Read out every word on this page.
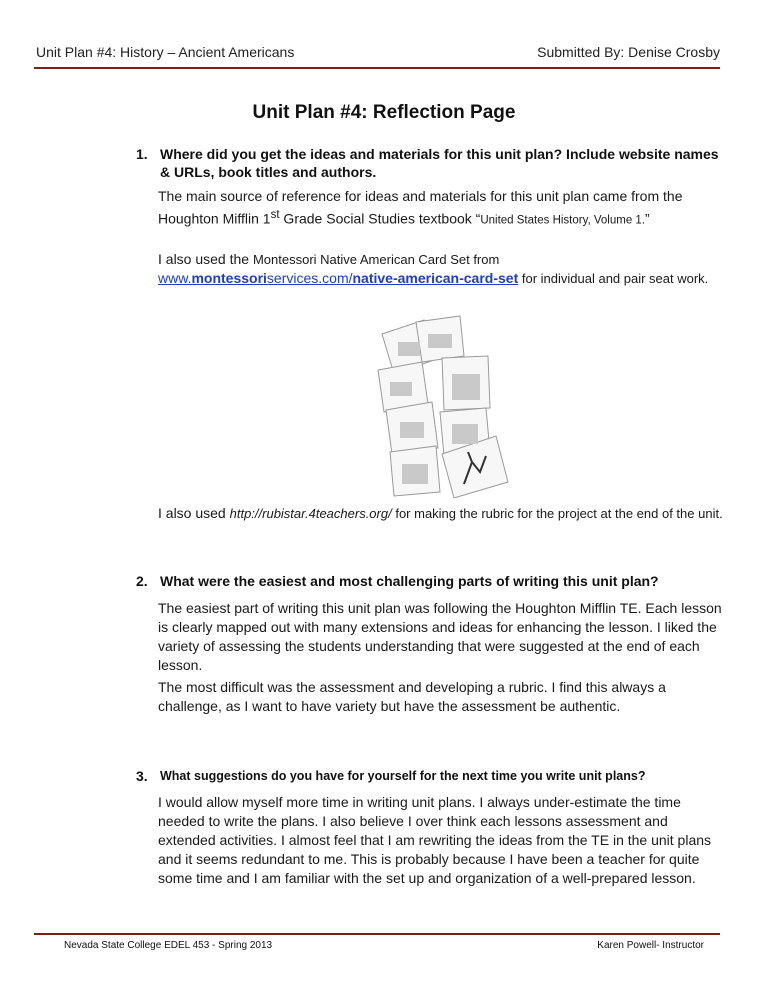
Unit Plan #4: History – Ancient Americans	Submitted By: Denise Crosby
Unit Plan #4: Reflection Page
1. Where did you get the ideas and materials for this unit plan? Include website names & URLs, book titles and authors.
The main source of reference for ideas and materials for this unit plan came from the Houghton Mifflin 1st Grade Social Studies textbook “United States History, Volume 1.”
I also used the Montessori Native American Card Set from
www.montessoriservices.com/native-american-card-set for individual and pair seat work.
I also used http://rubistar.4teachers.org/ for making the rubric for the project at the end of the unit.
2. What were the easiest and most challenging parts of writing this unit plan?
The easiest part of writing this unit plan was following the Houghton Mifflin TE. Each lesson is clearly mapped out with many extensions and ideas for enhancing the lesson. I liked the variety of assessing the students understanding that were suggested at the end of each lesson.
The most difficult was the assessment and developing a rubric. I find this always a challenge, as I want to have variety but have the assessment be authentic.
3. What suggestions do you have for yourself for the next time you write unit plans?
I would allow myself more time in writing unit plans. I always under-estimate the time needed to write the plans. I also believe I over think each lessons assessment and extended activities. I almost feel that I am rewriting the ideas from the TE in the unit plans and it seems redundant to me. This is probably because I have been a teacher for quite some time and I am familiar with the set up and organization of a well-prepared lesson.
Nevada State College EDEL 453 - Spring 2013	Karen Powell- Instructor
